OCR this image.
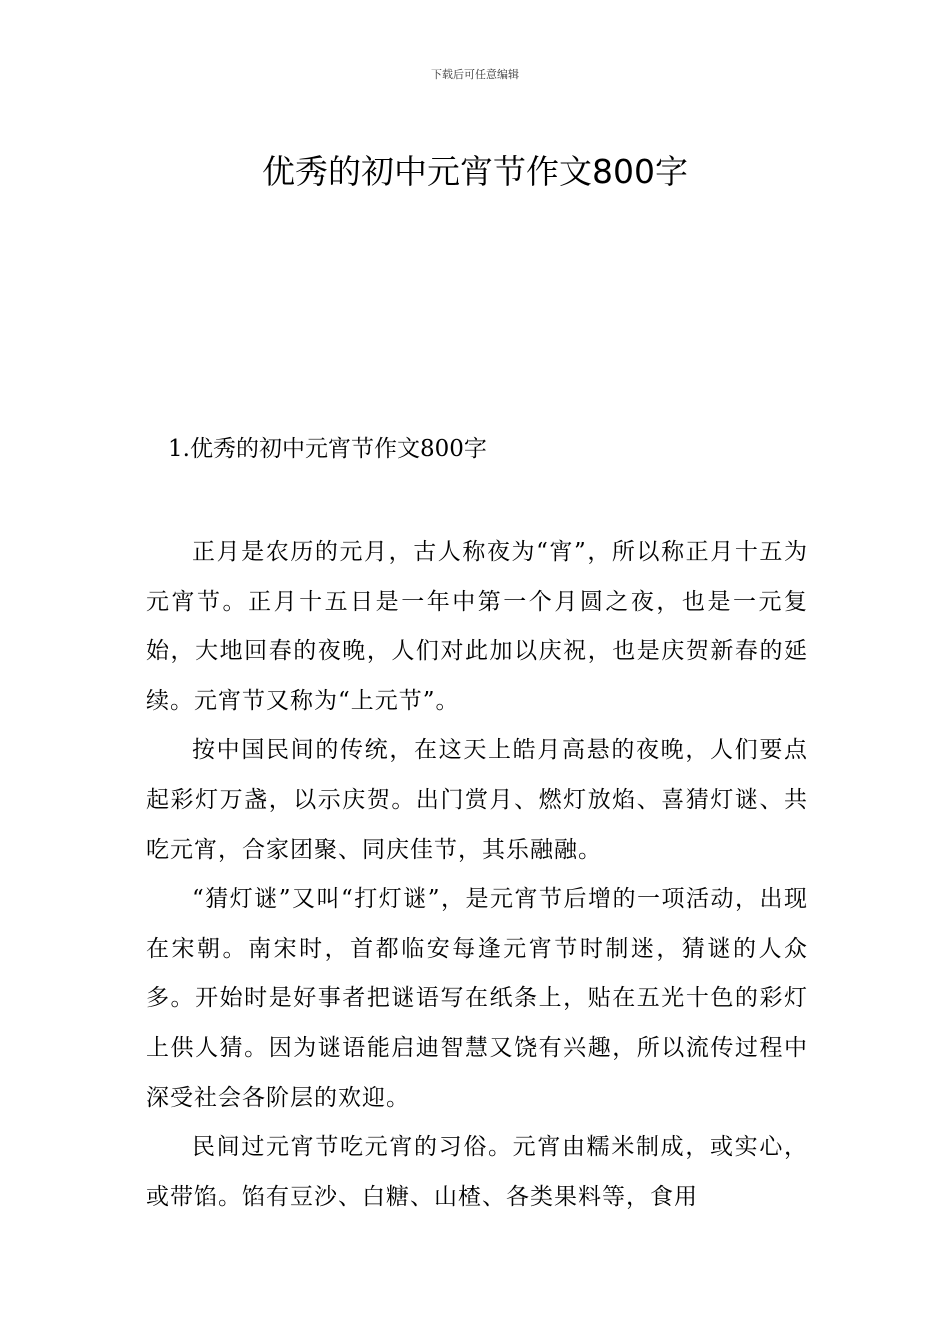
下载后可任意编辑
优秀的初中元宵节作文800字
1.优秀的初中元宵节作文800字

正月是农历的元月，古人称夜为“宵”，所以称正月十五为元宵节。正月十五日是一年中第一个月圆之夜，也是一元复始，大地回春的夜晚，人们对此加以庆祝，也是庆贺新春的延续。元宵节又称为“上元节”。

按中国民间的传统，在这天上皓月高悬的夜晚，人们要点起彩灯万盏，以示庆贺。出门赏月、燃灯放焰、喜猜灯谜、共吃元宵，合家团聚、同庆佳节，其乐融融。

“猜灯谜”又叫“打灯谜”，是元宵节后增的一项活动，出现在宋朝。南宋时，首都临安每逢元宵节时制迷，猜谜的人众多。开始时是好事者把谜语写在纸条上，贴在五光十色的彩灯上供人猜。因为谜语能启迪智慧又饶有兴趣，所以流传过程中深受社会各阶层的欢迎。

民间过元宵节吃元宵的习俗。元宵由糯米制成，或实心，或带馅。馅有豆沙、白糖、山楂、各类果料等，食用
